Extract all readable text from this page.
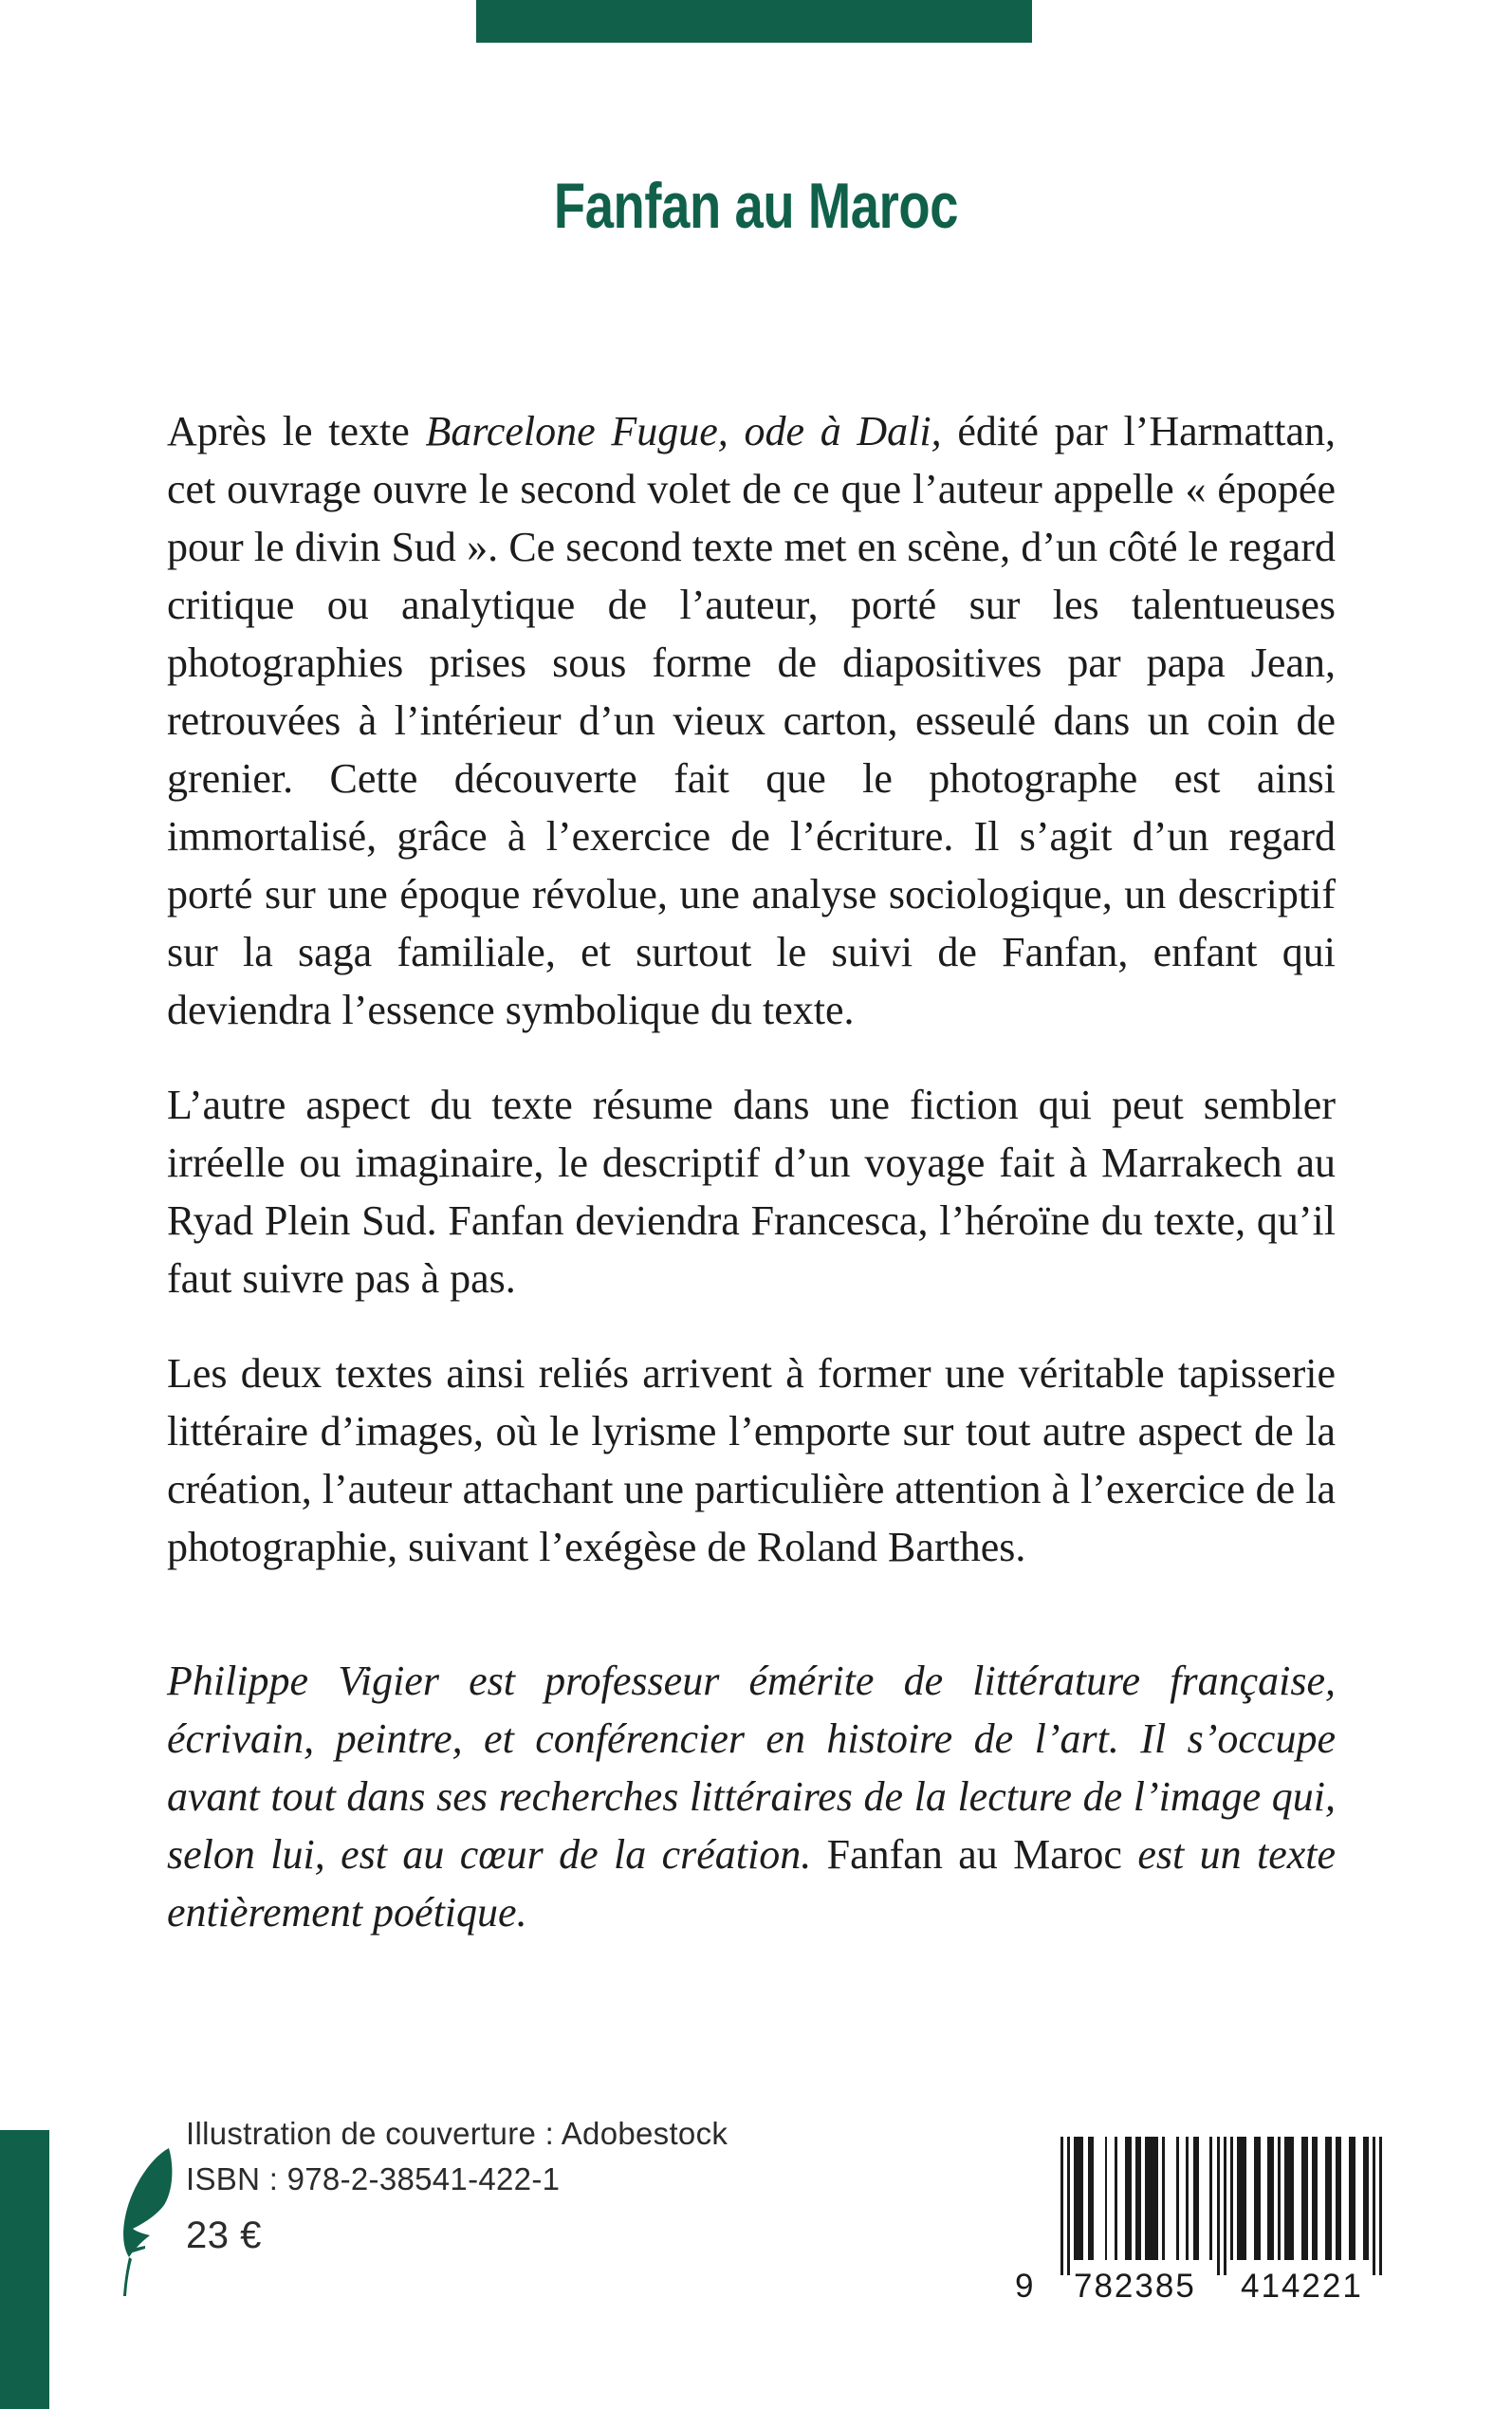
Fanfan au Maroc

Après le texte Barcelone Fugue, ode à Dali, édité par l’Harmattan, cet ouvrage ouvre le second volet de ce que l’auteur appelle « épopée pour le divin Sud ». Ce second texte met en scène, d’un côté le regard critique ou analytique de l’auteur, porté sur les talentueuses photographies prises sous forme de diapositives par papa Jean, retrouvées à l’intérieur d’un vieux carton, esseulé dans un coin de grenier. Cette découverte fait que le photographe est ainsi immortalisé, grâce à l’exercice de l’écriture. Il s’agit d’un regard porté sur une époque révolue, une analyse sociologique, un descriptif sur la saga familiale, et surtout le suivi de Fanfan, enfant qui deviendra l’essence symbolique du texte.

L’autre aspect du texte résume dans une fiction qui peut sembler irréelle ou imaginaire, le descriptif d’un voyage fait à Marrakech au Ryad Plein Sud. Fanfan deviendra Francesca, l’héroïne du texte, qu’il faut suivre pas à pas.

Les deux textes ainsi reliés arrivent à former une véritable tapisserie littéraire d’images, où le lyrisme l’emporte sur tout autre aspect de la création, l’auteur attachant une particulière attention à l’exercice de la photographie, suivant l’exégèse de Roland Barthes.

Philippe Vigier est professeur émérite de littérature française, écrivain, peintre, et conférencier en histoire de l’art. Il s’occupe avant tout dans ses recherches littéraires de la lecture de l’image qui, selon lui, est au cœur de la création. Fanfan au Maroc est un texte entièrement poétique.
Illustration de couverture : Adobestock
ISBN : 978-2-38541-422-1
23 €
9 782385 414221
